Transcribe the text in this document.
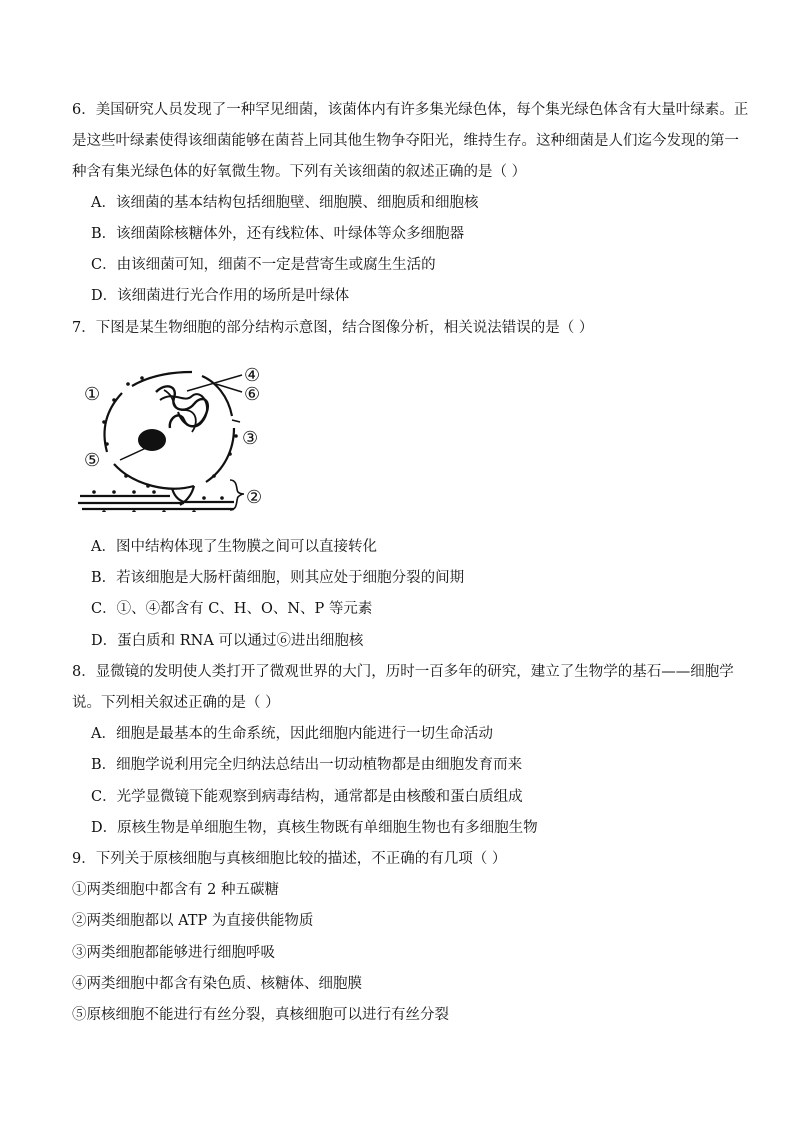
6．美国研究人员发现了一种罕见细菌，该菌体内有许多集光绿色体，每个集光绿色体含有大量叶绿素。正
是这些叶绿素使得该细菌能够在菌苔上同其他生物争夺阳光，维持生存。这种细菌是人们迄今发现的第一
种含有集光绿色体的好氧微生物。下列有关该细菌的叙述正确的是（ ）
A．该细菌的基本结构包括细胞壁、细胞膜、细胞质和细胞核
B．该细菌除核糖体外，还有线粒体、叶绿体等众多细胞器
C．由该细菌可知，细菌不一定是营寄生或腐生生活的
D．该细菌进行光合作用的场所是叶绿体
7．下图是某生物细胞的部分结构示意图，结合图像分析，相关说法错误的是（ ）
①
②
③
④
⑤
⑥
A．图中结构体现了生物膜之间可以直接转化
B．若该细胞是大肠杆菌细胞，则其应处于细胞分裂的间期
C．①、④都含有 C、H、O、N、P 等元素
D．蛋白质和 RNA 可以通过⑥进出细胞核
8．显微镜的发明使人类打开了微观世界的大门，历时一百多年的研究，建立了生物学的基石——细胞学
说。下列相关叙述正确的是（ ）
A．细胞是最基本的生命系统，因此细胞内能进行一切生命活动
B．细胞学说利用完全归纳法总结出一切动植物都是由细胞发育而来
C．光学显微镜下能观察到病毒结构，通常都是由核酸和蛋白质组成
D．原核生物是单细胞生物，真核生物既有单细胞生物也有多细胞生物
9．下列关于原核细胞与真核细胞比较的描述，不正确的有几项（ ）
①两类细胞中都含有 2 种五碳糖
②两类细胞都以 ATP 为直接供能物质
③两类细胞都能够进行细胞呼吸
④两类细胞中都含有染色质、核糖体、细胞膜
⑤原核细胞不能进行有丝分裂，真核细胞可以进行有丝分裂
